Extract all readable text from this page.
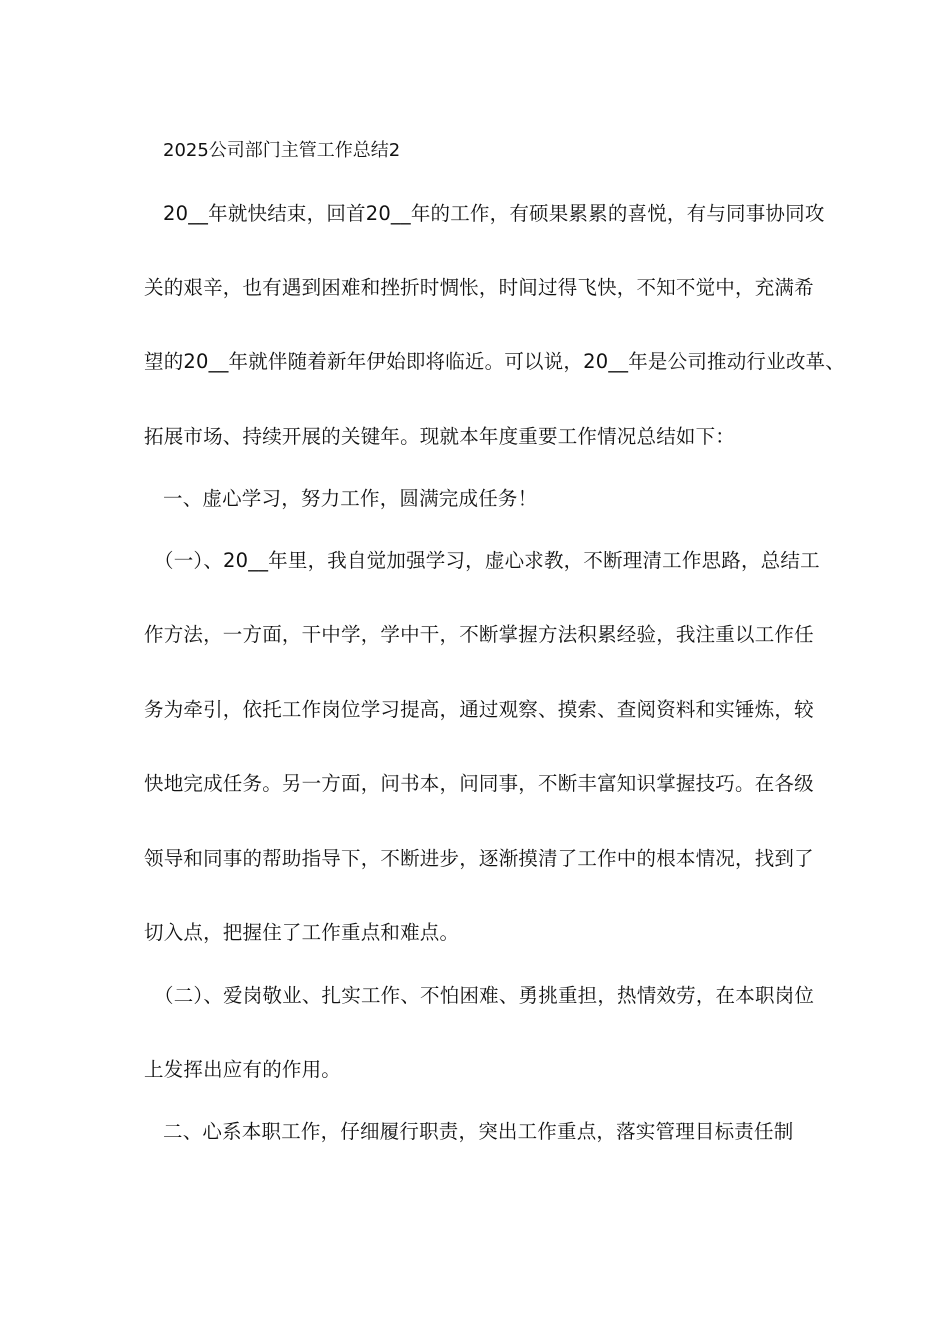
2025公司部门主管工作总结2
20__年就快结束，回首20__年的工作，有硕果累累的喜悦，有与同事协同攻
关的艰辛，也有遇到困难和挫折时惆怅，时间过得飞快，不知不觉中，充满希
望的20__年就伴随着新年伊始即将临近。可以说，20__年是公司推动行业改革、
拓展市场、持续开展的关键年。现就本年度重要工作情况总结如下：
一、虚心学习，努力工作，圆满完成任务！
（一）、20__年里，我自觉加强学习，虚心求教，不断理清工作思路，总结工
作方法，一方面，干中学，学中干，不断掌握方法积累经验，我注重以工作任
务为牵引，依托工作岗位学习提高，通过观察、摸索、查阅资料和实锤炼，较
快地完成任务。另一方面，问书本，问同事，不断丰富知识掌握技巧。在各级
领导和同事的帮助指导下，不断进步，逐渐摸清了工作中的根本情况，找到了
切入点，把握住了工作重点和难点。
（二）、爱岗敬业、扎实工作、不怕困难、勇挑重担，热情效劳，在本职岗位
上发挥出应有的作用。
二、心系本职工作，仔细履行职责，突出工作重点，落实管理目标责任制
